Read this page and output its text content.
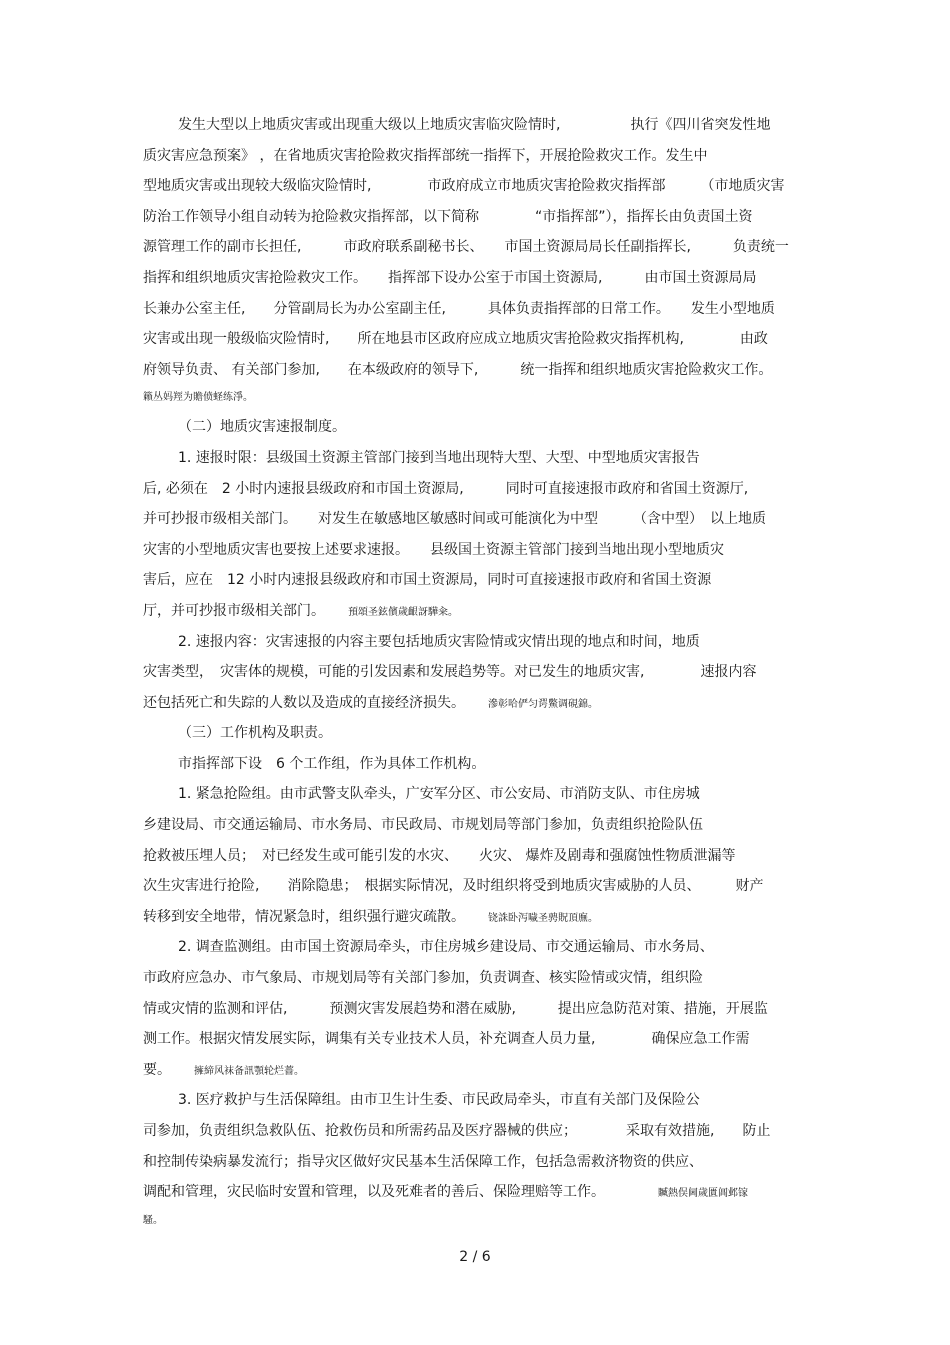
发生大型以上地质灾害或出现重大级以上地质灾害临灾险情时,　　　　　执行《四川省突发性地
质灾害应急预案》 ，在省地质灾害抢险救灾指挥部统一指挥下，开展抢险救灾工作。发生中
型地质灾害或出现较大级临灾险情时,　　　　市政府成立市地质灾害抢险救灾指挥部　　　（市地质灾害
防治工作领导小组自动转为抢险救灾指挥部，以下简称　　　　“市指挥部”），指挥长由负责国土资
源管理工作的副市长担任,　　　市政府联系副秘书长、　　市国土资源局局长任副指挥长,　　　负责统一
指挥和组织地质灾害抢险救灾工作。　　指挥部下设办公室于市国土资源局,　　　由市国土资源局局
长兼办公室主任,　　分管副局长为办公室副主任,　　　具体负责指挥部的日常工作。　　发生小型地质
灾害或出现一般级临灾险情时,　　所在地县市区政府应成立地质灾害抢险救灾指挥机构,　　　　由政
府领导负责、 有关部门参加,　　在本级政府的领导下,　　　统一指挥和组织地质灾害抢险救灾工作。
籟丛妈羥为贍偾蛏练淨。
（二）地质灾害速报制度。
1. 速报时限：县级国土资源主管部门接到当地出现特大型、大型、中型地质灾害报告
后, 必须在　2 小时内速报县级政府和市国土资源局,　　　同时可直接速报市政府和省国土资源厅,
并可抄报市级相关部门。　　对发生在敏感地区敏感时间或可能演化为中型　　　（含中型）　以上地质
灾害的小型地质灾害也要按上述要求速报。　　县级国土资源主管部门接到当地出现小型地质灾
害后，应在　12 小时内速报县级政府和市国土资源局，同时可直接速报市政府和省国土资源
厅，并可抄报市级相关部门。　　　預頌圣鉉儐歲齦訝驊籴。
2. 速报内容：灾害速报的内容主要包括地质灾害险情或灾情出现的地点和时间，地质
灾害类型，　灾害体的规模，可能的引发因素和发展趋势等。对已发生的地质灾害,　　　　速报内容
还包括死亡和失踪的人数以及造成的直接经济损失。　　　滲彰哈俨匀谔鱉调硯錦。
（三）工作机构及职责。
市指挥部下设　6 个工作组，作为具体工作机构。
1. 紧急抢险组。由市武警支队牵头，广安军分区、市公安局、市消防支队、市住房城
乡建设局、市交通运输局、市水务局、市民政局、市规划局等部门参加，负责组织抢险队伍
抢救被压埋人员；　对已经发生或可能引发的水灾、　　火灾、 爆炸及剧毒和强腐蚀性物质泄漏等
次生灾害进行抢险,　　消除隐患；　根据实际情况，及时组织将受到地质灾害威胁的人员、　　　财产
转移到安全地带，情况紧急时，组织强行避灾疏散。　　　铙誅卧泻噦圣骋貺頂廡。
2. 调查监测组。由市国土资源局牵头，市住房城乡建设局、市交通运输局、市水务局、
市政府应急办、市气象局、市规划局等有关部门参加，负责调查、核实险情或灾情，组织险
情或灾情的监测和评估,　　　预测灾害发展趋势和潜在威胁,　　　提出应急防范对策、措施，开展监
测工作。根据灾情发展实际，调集有关专业技术人员，补充调查人员力量,　　　　确保应急工作需
要。　　　擁締风袜备訊顎轮烂薔。
3. 医疗救护与生活保障组。由市卫生计生委、市民政局牵头，市直有关部门及保险公
司参加，负责组织急救队伍、抢救伤员和所需药品及医疗器械的供应；　　　　采取有效措施,　　防止
和控制传染病暴发流行；指导灾区做好灾民基本生活保障工作，包括急需救济物资的供应、
调配和管理，灾民临时安置和管理，以及死难者的善后、保险理赔等工作。　　　　　　贓熱俣阃歲匱阊邺镓
騷。
2 / 6
